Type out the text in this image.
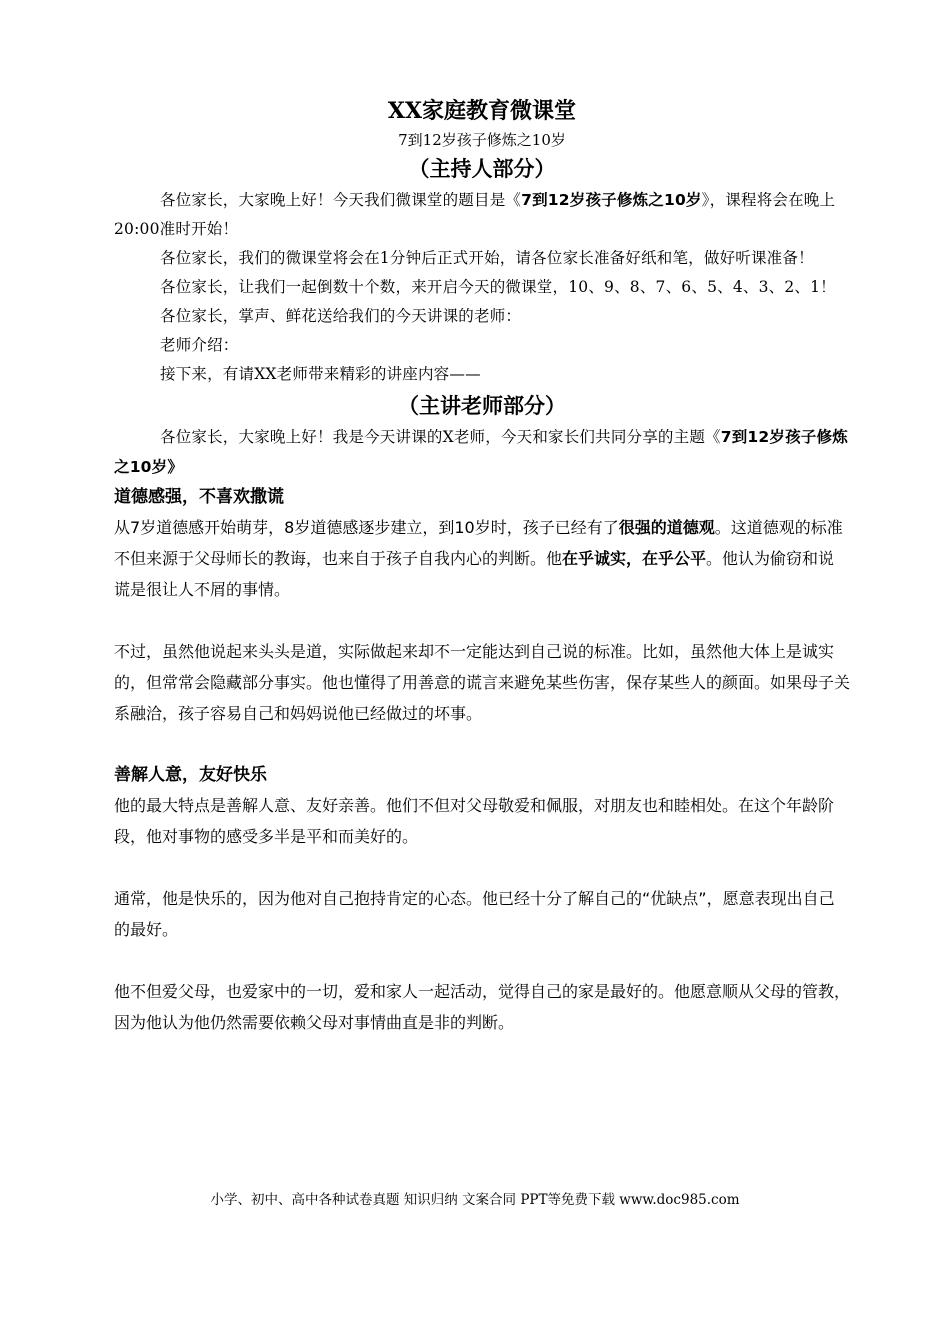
XX家庭教育微课堂

7到12岁孩子修炼之10岁

（主持人部分）

各位家长，大家晚上好！今天我们微课堂的题目是《7到12岁孩子修炼之10岁》，课程将会在晚上20:00准时开始！

各位家长，我们的微课堂将会在1分钟后正式开始，请各位家长准备好纸和笔，做好听课准备！

各位家长，让我们一起倒数十个数，来开启今天的微课堂，10、9、8、7、6、5、4、3、2、1！

各位家长，掌声、鲜花送给我们的今天讲课的老师：

老师介绍：

接下来，有请XX老师带来精彩的讲座内容——

（主讲老师部分）

各位家长，大家晚上好！我是今天讲课的X老师，今天和家长们共同分享的主题《7到12岁孩子修炼之10岁》

道德感强，不喜欢撒谎

从7岁道德感开始萌芽，8岁道德感逐步建立，到10岁时，孩子已经有了很强的道德观。这道德观的标准不但来源于父母师长的教诲，也来自于孩子自我内心的判断。他在乎诚实，在乎公平。他认为偷窃和说谎是很让人不屑的事情。

不过，虽然他说起来头头是道，实际做起来却不一定能达到自己说的标准。比如，虽然他大体上是诚实的，但常常会隐藏部分事实。他也懂得了用善意的谎言来避免某些伤害，保存某些人的颜面。如果母子关系融洽，孩子容易自己和妈妈说他已经做过的坏事。

善解人意，友好快乐

他的最大特点是善解人意、友好亲善。他们不但对父母敬爱和佩服，对朋友也和睦相处。在这个年龄阶段，他对事物的感受多半是平和而美好的。

通常，他是快乐的，因为他对自己抱持肯定的心态。他已经十分了解自己的“优缺点”，愿意表现出自己的最好。

他不但爱父母，也爱家中的一切，爱和家人一起活动，觉得自己的家是最好的。他愿意顺从父母的管教，因为他认为他仍然需要依赖父母对事情曲直是非的判断。

小学、初中、高中各种试卷真题 知识归纳 文案合同 PPT等免费下载 www.doc985.com
